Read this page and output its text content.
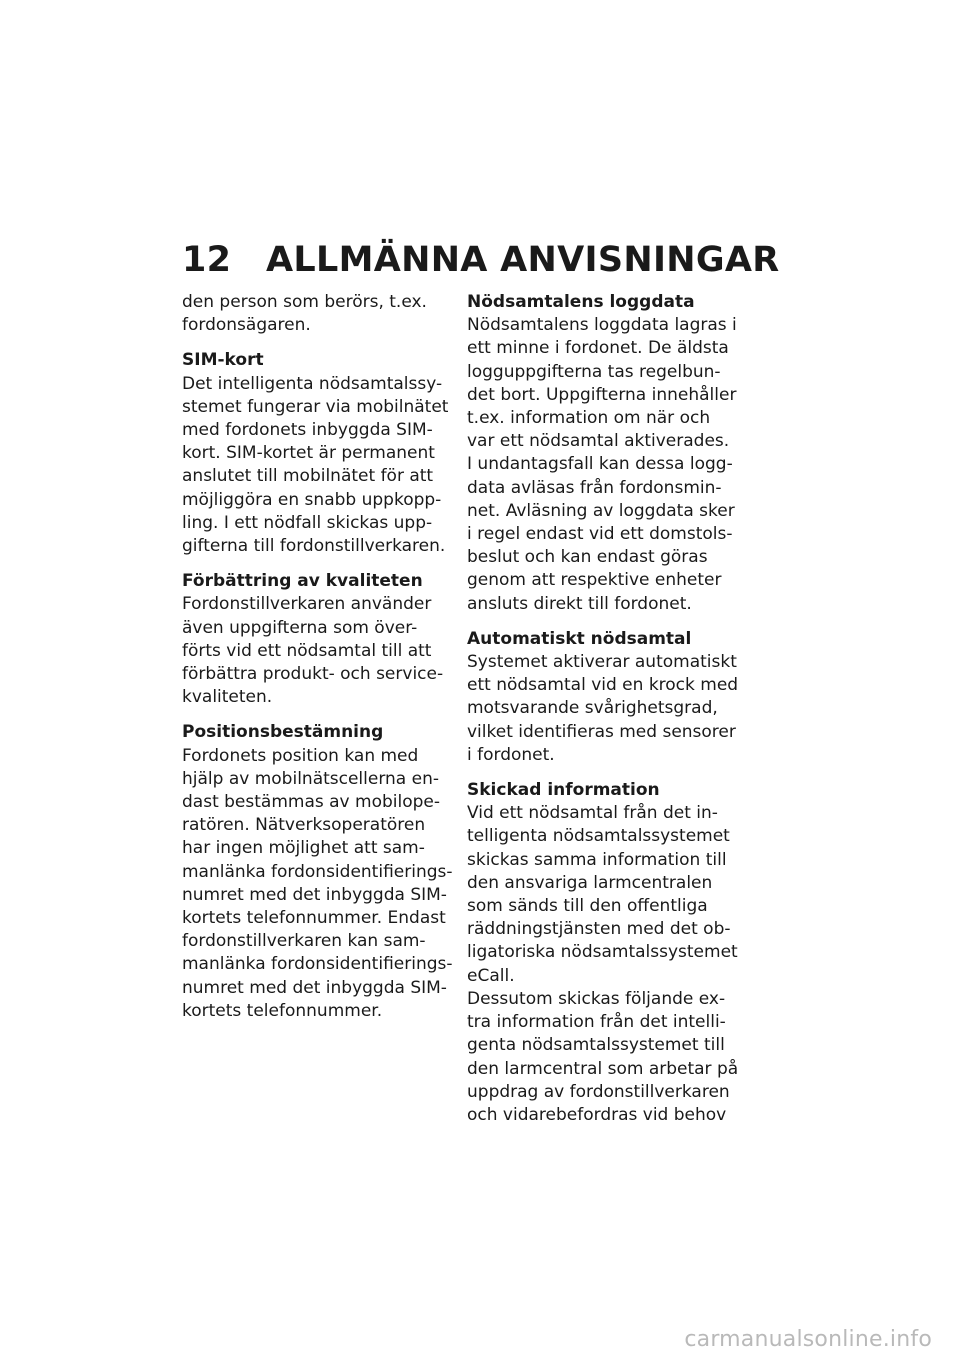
12 ALLMÄNNA ANVISNINGAR
den person som berörs, t.ex.
fordonsägaren.
SIM-kort
Det intelligenta nödsamtalssy-
stemet fungerar via mobilnätet
med fordonets inbyggda SIM-
kort. SIM-kortet är permanent
anslutet till mobilnätet för att
möjliggöra en snabb uppkopp-
ling. I ett nödfall skickas upp-
gifterna till fordonstillverkaren.
Förbättring av kvaliteten
Fordonstillverkaren använder
även uppgifterna som över-
förts vid ett nödsamtal till att
förbättra produkt- och service-
kvaliteten.
Positionsbestämning
Fordonets position kan med
hjälp av mobilnätscellerna en-
dast bestämmas av mobilope-
ratören. Nätverksoperatören
har ingen möjlighet att sam-
manlänka fordonsidentifierings-
numret med det inbyggda SIM-
kortets telefonnummer. Endast
fordonstillverkaren kan sam-
manlänka fordonsidentifierings-
numret med det inbyggda SIM-
kortets telefonnummer.
Nödsamtalens loggdata
Nödsamtalens loggdata lagras i
ett minne i fordonet. De äldsta
logguppgifterna tas regelbun-
det bort. Uppgifterna innehåller
t.ex. information om när och
var ett nödsamtal aktiverades.
I undantagsfall kan dessa logg-
data avläsas från fordonsmin-
net. Avläsning av loggdata sker
i regel endast vid ett domstols-
beslut och kan endast göras
genom att respektive enheter
ansluts direkt till fordonet.
Automatiskt nödsamtal
Systemet aktiverar automatiskt
ett nödsamtal vid en krock med
motsvarande svårighetsgrad,
vilket identifieras med sensorer
i fordonet.
Skickad information
Vid ett nödsamtal från det in-
telligenta nödsamtalssystemet
skickas samma information till
den ansvariga larmcentralen
som sänds till den offentliga
räddningstjänsten med det ob-
ligatoriska nödsamtalssystemet
eCall.
Dessutom skickas följande ex-
tra information från det intelli-
genta nödsamtalssystemet till
den larmcentral som arbetar på
uppdrag av fordonstillverkaren
och vidarebefordras vid behov
carmanualsonline.info
